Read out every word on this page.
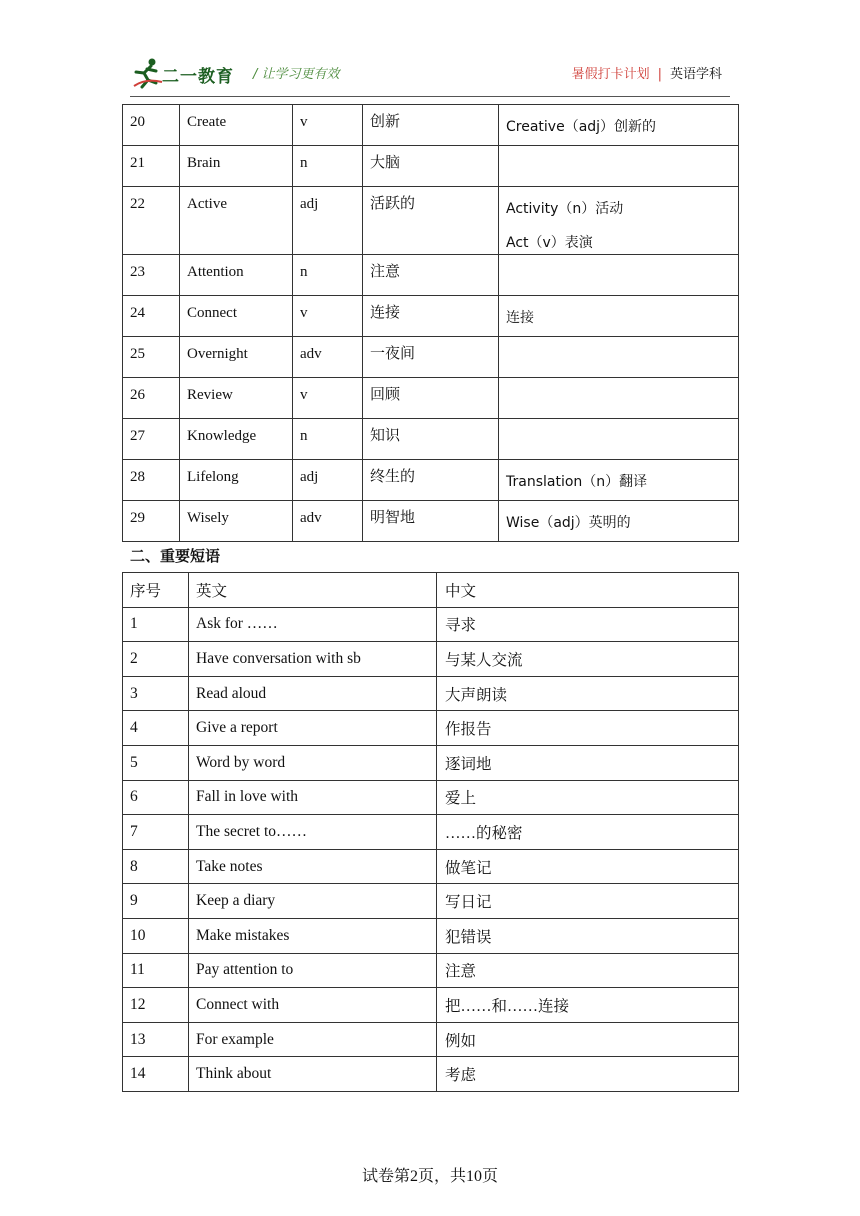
二一教育 / 让学习更有效	暑假打卡计划 | 英语学科
20	Create	v	创新	Creative（adj）创新的

21	Brain	n	大脑	

22	Active	adj	活跃的	Activity（n）活动
Act（v）表演

23	Attention	n	注意	

24	Connect	v	连接	连接

25	Overnight	adv	一夜间	

26	Review	v	回顾	

27	Knowledge	n	知识	

28	Lifelong	adj	终生的	Translation（n）翻译

29	Wisely	adv	明智地	Wise（adj）英明的
二、重要短语
序号	英文	中文
1	Ask for ……	寻求
2	Have conversation with sb	与某人交流
3	Read aloud	大声朗读
4	Give a report	作报告
5	Word by word	逐词地
6	Fall in love with	爱上
7	The secret to……	……的秘密
8	Take notes	做笔记
9	Keep a diary	写日记
10	Make mistakes	犯错误
11	Pay attention to	注意
12	Connect with	把……和……连接
13	For example	例如
14	Think about	考虑
试卷第2页，共10页
